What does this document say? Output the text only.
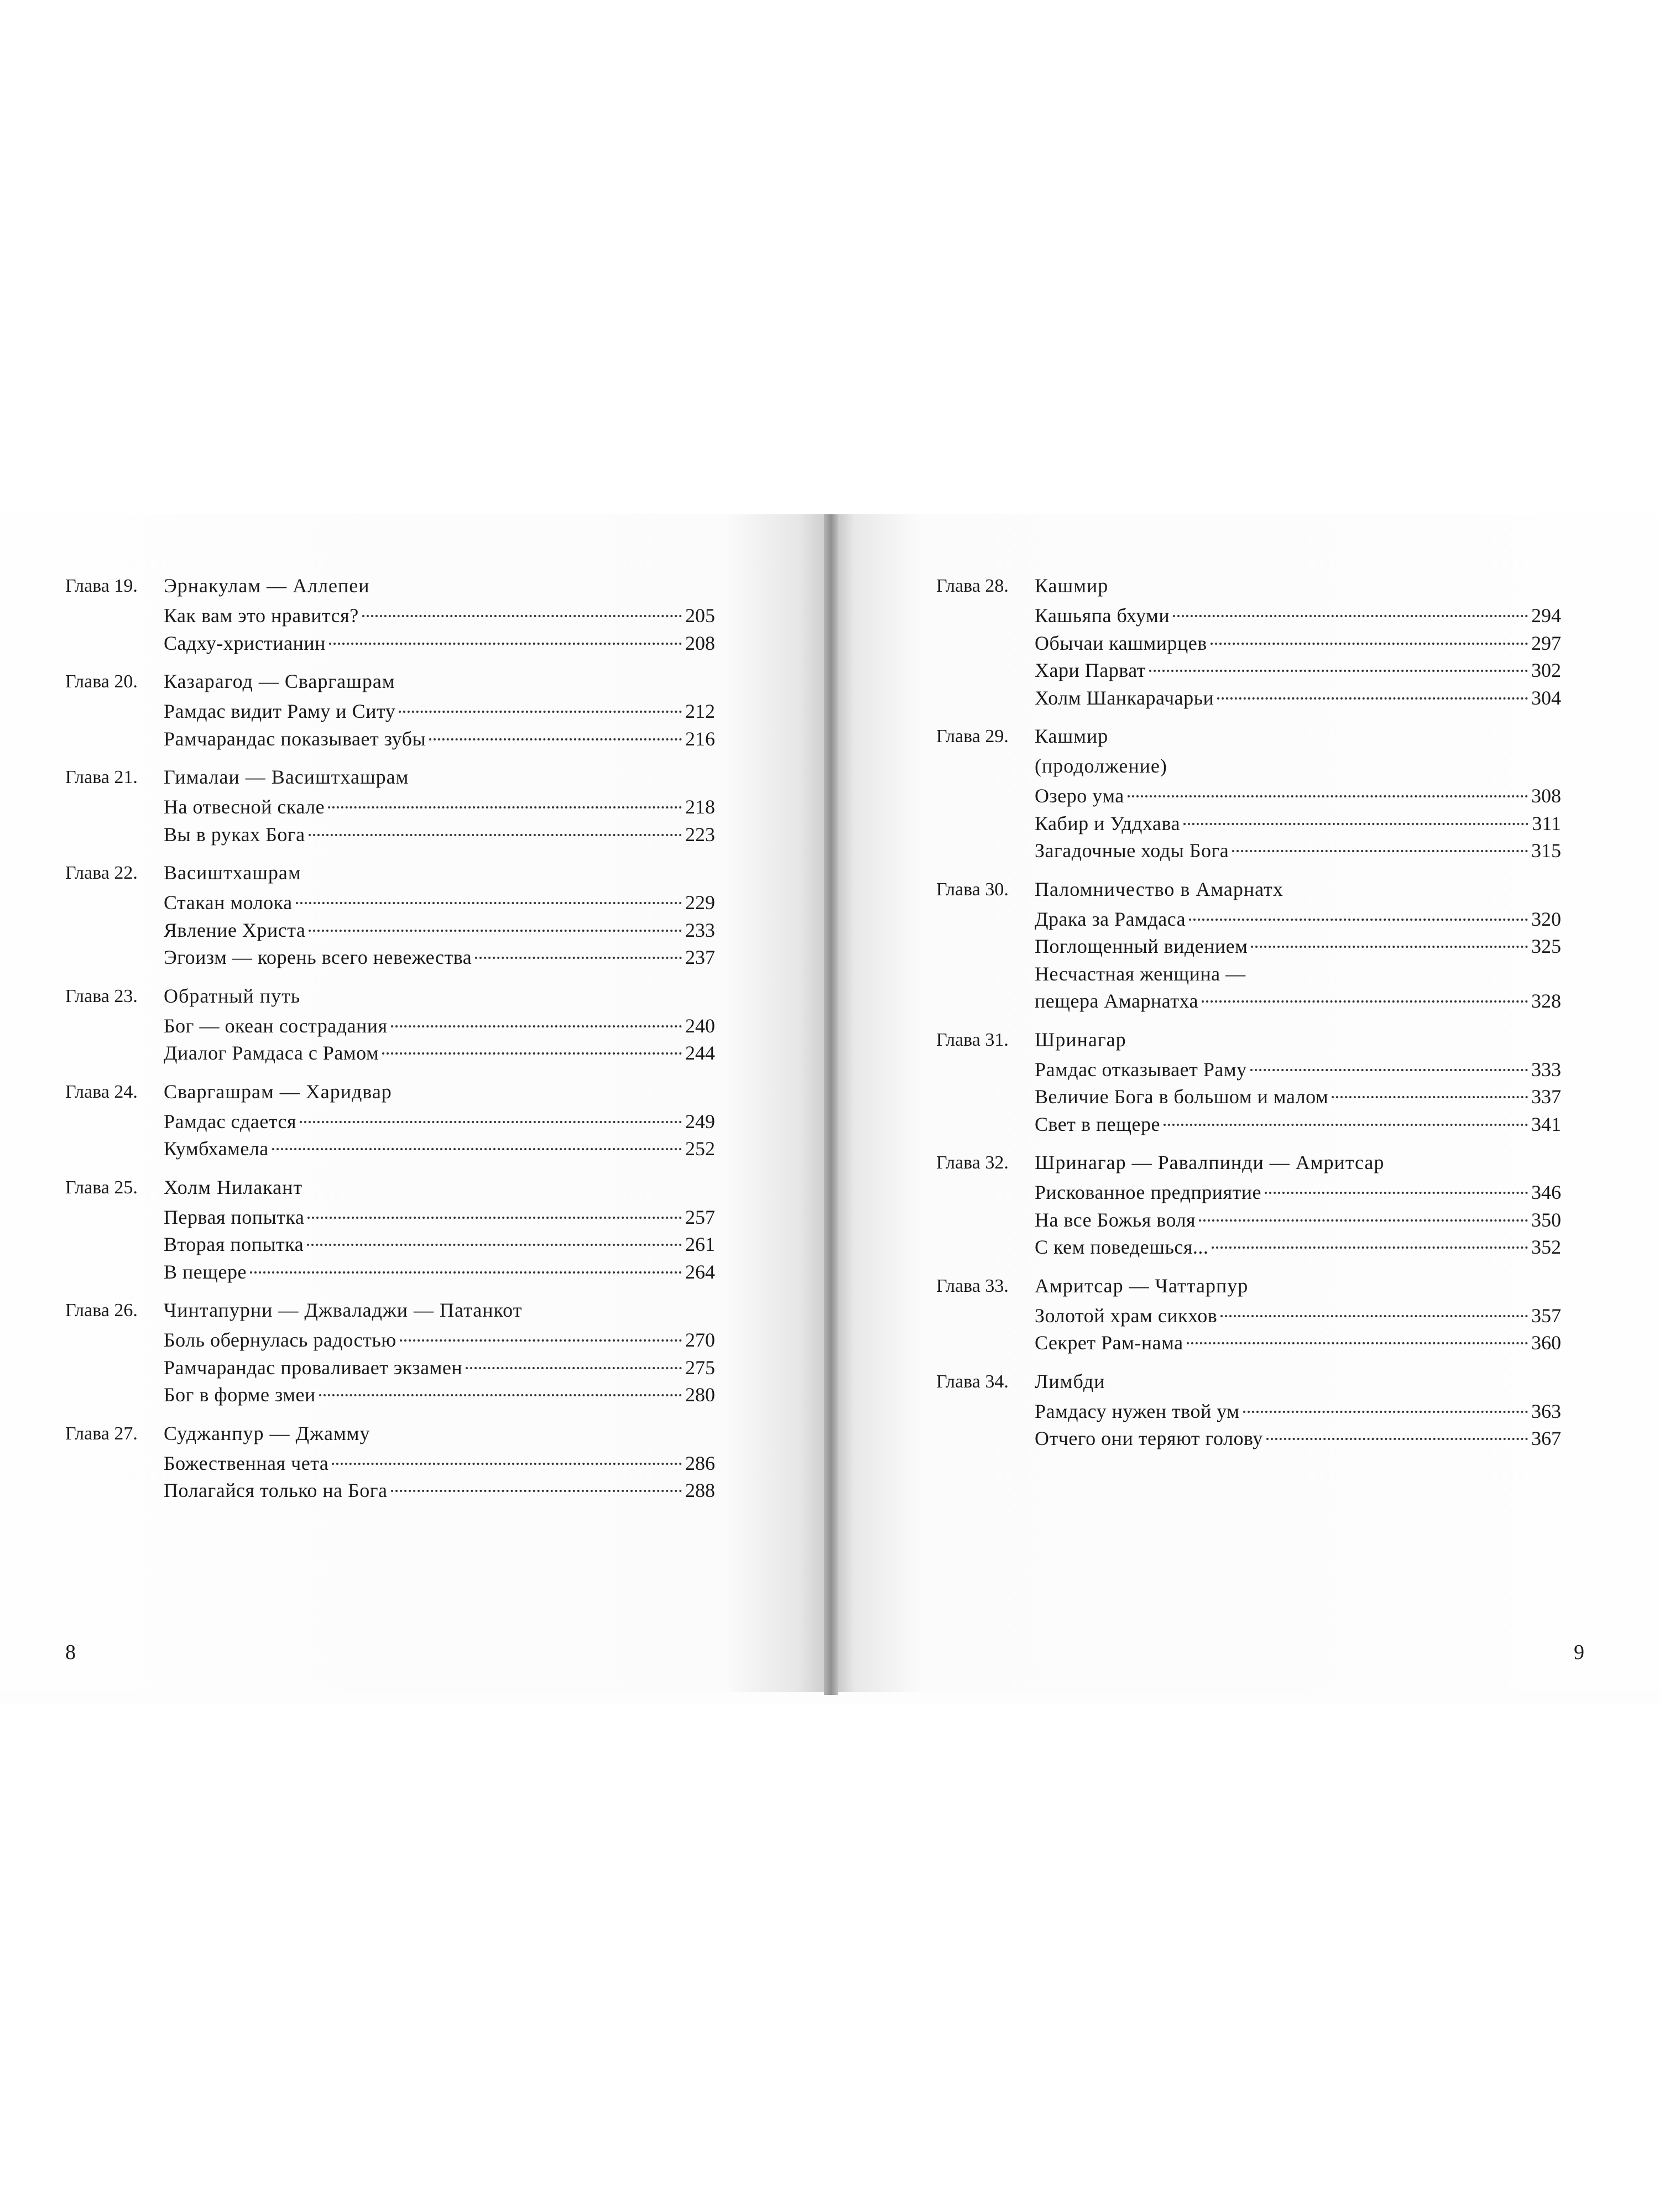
Глава 19.	Эрнакулам — Аллепеи
Как вам это нравится?	205
Садху-христианин	208
Глава 20.	Казарагод — Сваргашрам
Рамдас видит Раму и Ситу	212
Рамчарандас показывает зубы	216
Глава 21.	Гималаи — Васиштхашрам
На отвесной скале	218
Вы в руках Бога	223
Глава 22.	Васиштхашрам
Стакан молока	229
Явление Христа	233
Эгоизм — корень всего невежества	237
Глава 23.	Обратный путь
Бог — океан сострадания	240
Диалог Рамдаса с Рамом	244
Глава 24.	Сваргашрам — Харидвар
Рамдас сдается	249
Кумбхамела	252
Глава 25.	Холм Нилакант
Первая попытка	257
Вторая попытка	261
В пещере	264
Глава 26.	Чинтапурни — Джваладжи — Патанкот
Боль обернулась радостью	270
Рамчарандас проваливает экзамен	275
Бог в форме змеи	280
Глава 27.	Суджанпур — Джамму
Божественная чета	286
Полагайся только на Бога	288
8
Глава 28.	Кашмир
Кашьяпа бхуми	294
Обычаи кашмирцев	297
Хари Парват	302
Холм Шанкарачарьи	304
Глава 29.	Кашмир
(продолжение)
Озеро ума	308
Кабир и Уддхава	311
Загадочные ходы Бога	315
Глава 30.	Паломничество в Амарнатх
Драка за Рамдаса	320
Поглощенный видением	325
Несчастная женщина —
пещера Амарнатха	328
Глава 31.	Шринагар
Рамдас отказывает Раму	333
Величие Бога в большом и малом	337
Свет в пещере	341
Глава 32.	Шринагар — Равалпинди — Амритсар
Рискованное предприятие	346
На все Божья воля	350
С кем поведешься...	352
Глава 33.	Амритсар — Чаттарпур
Золотой храм сикхов	357
Секрет Рам-нама	360
Глава 34.	Лимбди
Рамдасу нужен твой ум	363
Отчего они теряют голову	367
9
